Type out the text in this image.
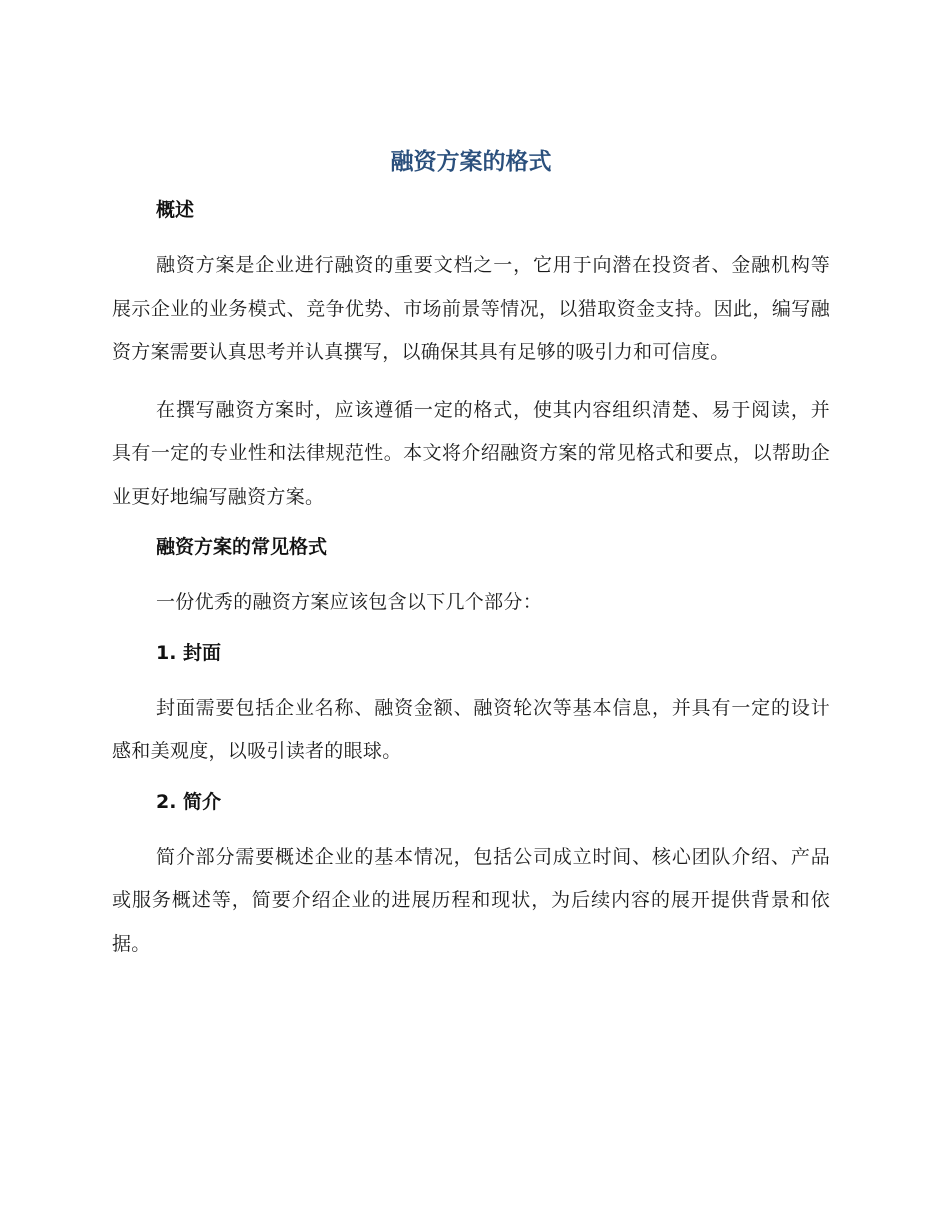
融资方案的格式
概述

融资方案是企业进行融资的重要文档之一，它用于向潜在投资者、金融机构等展示企业的业务模式、竞争优势、市场前景等情况，以猎取资金支持。因此，编写融资方案需要认真思考并认真撰写，以确保其具有足够的吸引力和可信度。

在撰写融资方案时，应该遵循一定的格式，使其内容组织清楚、易于阅读，并具有一定的专业性和法律规范性。本文将介绍融资方案的常见格式和要点，以帮助企业更好地编写融资方案。

融资方案的常见格式

一份优秀的融资方案应该包含以下几个部分：

1. 封面

封面需要包括企业名称、融资金额、融资轮次等基本信息，并具有一定的设计感和美观度，以吸引读者的眼球。

2. 简介

简介部分需要概述企业的基本情况，包括公司成立时间、核心团队介绍、产品或服务概述等，简要介绍企业的进展历程和现状，为后续内容的展开提供背景和依据。
